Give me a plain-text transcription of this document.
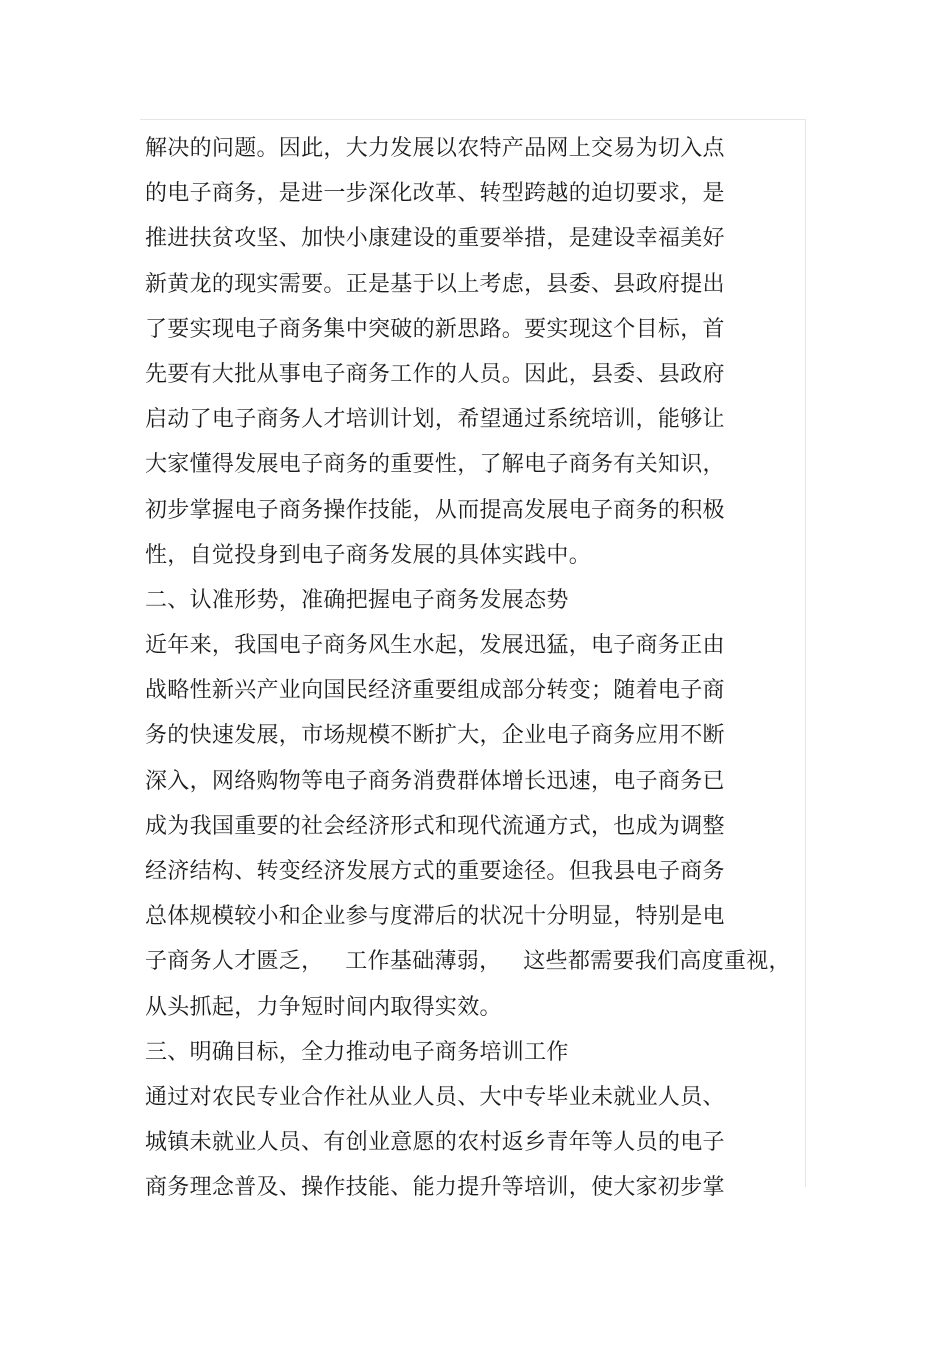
解决的问题。因此，大力发展以农特产品网上交易为切入点
的电子商务，是进一步深化改革、转型跨越的迫切要求，是
推进扶贫攻坚、加快小康建设的重要举措，是建设幸福美好
新黄龙的现实需要。正是基于以上考虑，县委、县政府提出
了要实现电子商务集中突破的新思路。要实现这个目标，首
先要有大批从事电子商务工作的人员。因此，县委、县政府
启动了电子商务人才培训计划，希望通过系统培训，能够让
大家懂得发展电子商务的重要性，了解电子商务有关知识，
初步掌握电子商务操作技能，从而提高发展电子商务的积极
性，自觉投身到电子商务发展的具体实践中。
二、认准形势，准确把握电子商务发展态势
近年来，我国电子商务风生水起，发展迅猛，电子商务正由
战略性新兴产业向国民经济重要组成部分转变；随着电子商
务的快速发展，市场规模不断扩大，企业电子商务应用不断
深入，网络购物等电子商务消费群体增长迅速，电子商务已
成为我国重要的社会经济形式和现代流通方式，也成为调整
经济结构、转变经济发展方式的重要途径。但我县电子商务
总体规模较小和企业参与度滞后的状况十分明显，特别是电
子商务人才匮乏，   工作基础薄弱，   这些都需要我们高度重视，
从头抓起，力争短时间内取得实效。
三、明确目标，全力推动电子商务培训工作
通过对农民专业合作社从业人员、大中专毕业未就业人员、
城镇未就业人员、有创业意愿的农村返乡青年等人员的电子
商务理念普及、操作技能、能力提升等培训，使大家初步掌
